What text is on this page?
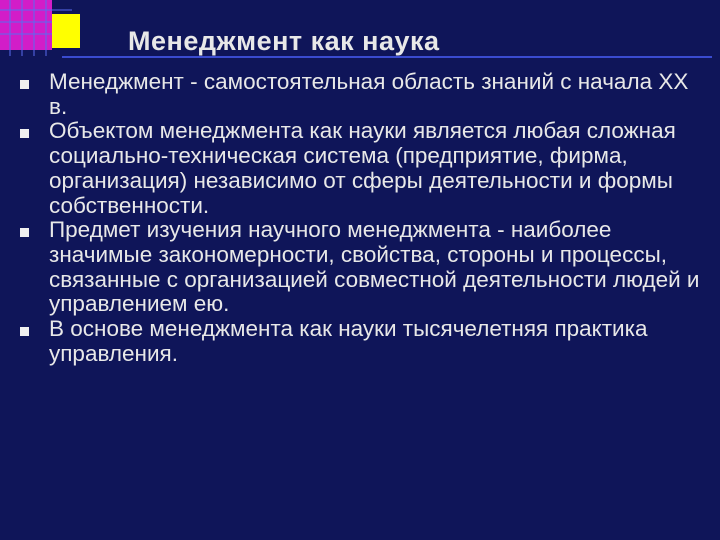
Менеджмент как наука
Менеджмент - самостоятельная область знаний с начала XX в.
Объектом менеджмента как науки является любая сложная социально-техническая система (предприятие, фирма, организация) независимо от сферы деятельности и формы собственности.
Предмет изучения научного менеджмента - наиболее значимые закономерности, свойства, стороны и процессы, связанные с организацией совместной деятельности людей и управлением ею.
В основе менеджмента как науки тысячелетняя практика управления.
